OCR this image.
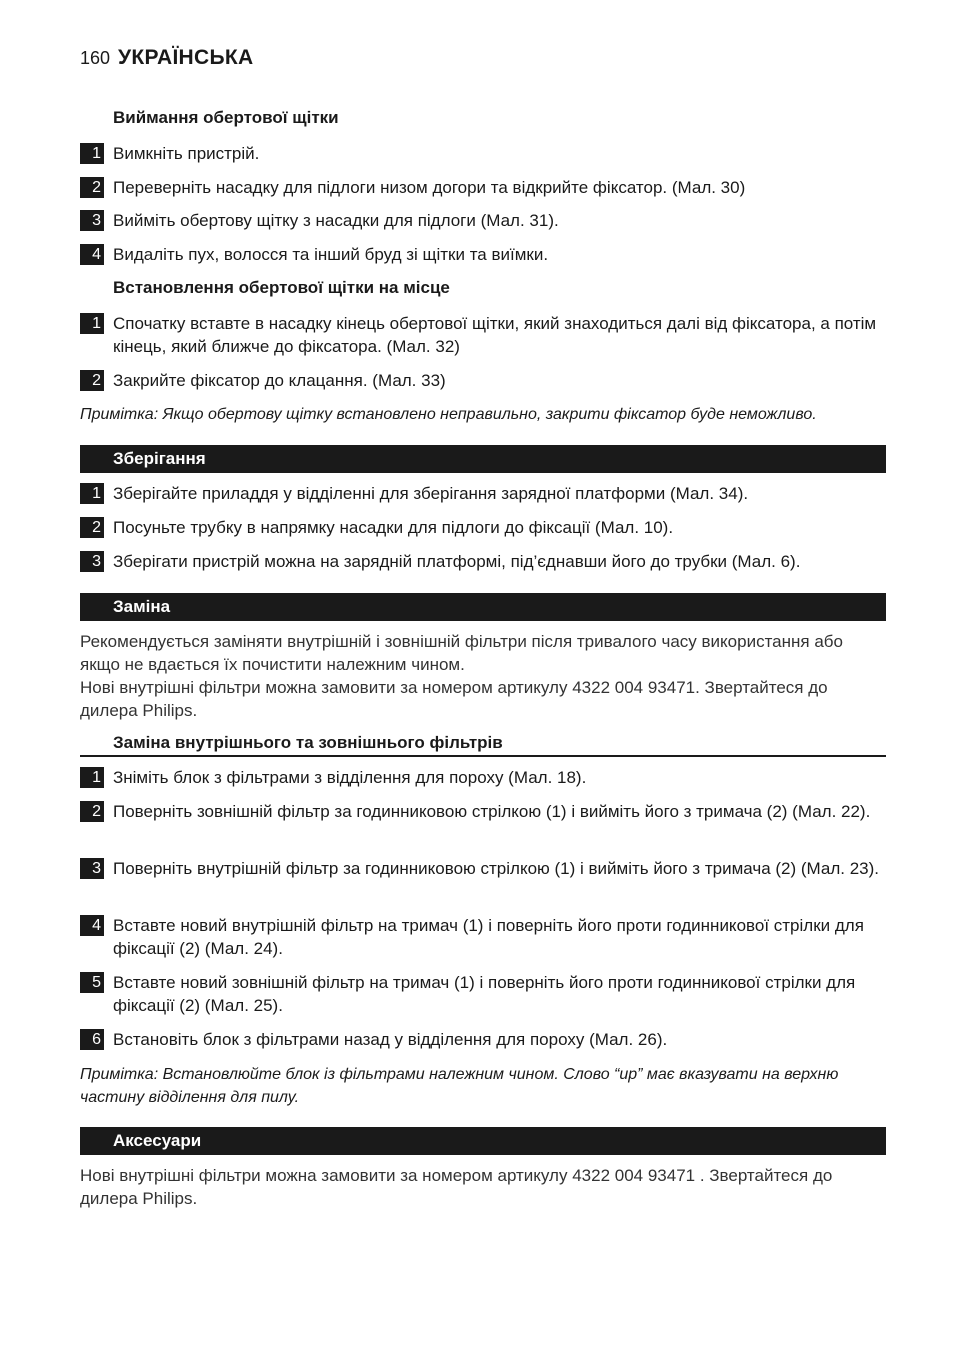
160 УКРАЇНСЬКА
Виймання обертової щітки
1 Вимкніть пристрій.
2 Переверніть насадку для підлоги низом догори та відкрийте фіксатор. (Мал. 30)
3 Вийміть обертову щітку з насадки для підлоги (Мал. 31).
4 Видаліть пух, волосся та інший бруд зі щітки та виїмки.
Встановлення обертової щітки на місце
1 Спочатку вставте в насадку кінець обертової щітки, який знаходиться далі від фіксатора, а потім кінець, який ближче до фіксатора. (Мал. 32)
2 Закрийте фіксатор до клацання. (Мал. 33)
Примітка: Якщо обертову щітку встановлено неправильно, закрити фіксатор буде неможливо.
Зберігання
1 Зберігайте приладдя у відділенні для зберігання зарядної платформи (Мал. 34).
2 Посуньте трубку в напрямку насадки для підлоги до фіксації (Мал. 10).
3 Зберігати пристрій можна на зарядній платформі, під’єднавши його до трубки (Мал. 6).
Заміна
Рекомендується заміняти внутрішній і зовнішній фільтри після тривалого часу використання або якщо не вдається їх почистити належним чином.
Нові внутрішні фільтри можна замовити за номером артикулу 4322 004 93471. Звертайтеся до дилера Philips.
Заміна внутрішнього та зовнішнього фільтрів
1 Зніміть блок з фільтрами з відділення для пороху (Мал. 18).
2 Поверніть зовнішній фільтр за годинниковою стрілкою (1) і вийміть його з тримача (2) (Мал. 22).
3 Поверніть внутрішній фільтр за годинниковою стрілкою (1) і вийміть його з тримача (2) (Мал. 23).
4 Вставте новий внутрішній фільтр на тримач (1) і поверніть його проти годинникової стрілки для фіксації (2) (Мал. 24).
5 Вставте новий зовнішній фільтр на тримач (1) і поверніть його проти годинникової стрілки для фіксації (2) (Мал. 25).
6 Встановіть блок з фільтрами назад у відділення для пороху (Мал. 26).
Примітка: Встановлюйте блок із фільтрами належним чином. Слово “up” має вказувати на верхню частину відділення для пилу.
Аксесуари
Нові внутрішні фільтри можна замовити за номером артикулу 4322 004 93471 . Звертайтеся до дилера Philips.
